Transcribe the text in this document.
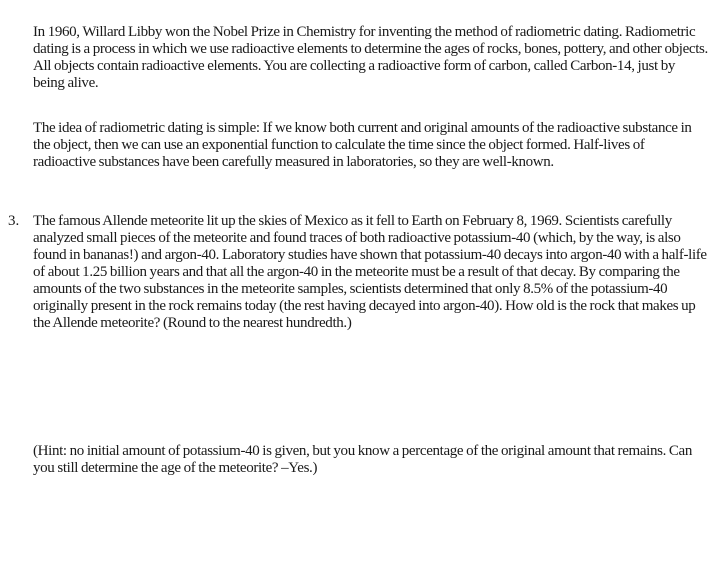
In 1960, Willard Libby won the Nobel Prize in Chemistry for inventing the method of radiometric dating. Radiometric dating is a process in which we use radioactive elements to determine the ages of rocks, bones, pottery, and other objects. All objects contain radioactive elements. You are collecting a radioactive form of carbon, called Carbon-14, just by being alive.

The idea of radiometric dating is simple: If we know both current and original amounts of the radioactive substance in the object, then we can use an exponential function to calculate the time since the object formed. Half-lives of radioactive substances have been carefully measured in laboratories, so they are well-known.

3. The famous Allende meteorite lit up the skies of Mexico as it fell to Earth on February 8, 1969. Scientists carefully analyzed small pieces of the meteorite and found traces of both radioactive potassium-40 (which, by the way, is also found in bananas!) and argon-40. Laboratory studies have shown that potassium-40 decays into argon-40 with a half-life of about 1.25 billion years and that all the argon-40 in the meteorite must be a result of that decay. By comparing the amounts of the two substances in the meteorite samples, scientists determined that only 8.5% of the potassium-40 originally present in the rock remains today (the rest having decayed into argon-40). How old is the rock that makes up the Allende meteorite? (Round to the nearest hundredth.)

(Hint: no initial amount of potassium-40 is given, but you know a percentage of the original amount that remains. Can you still determine the age of the meteorite? –Yes.)
